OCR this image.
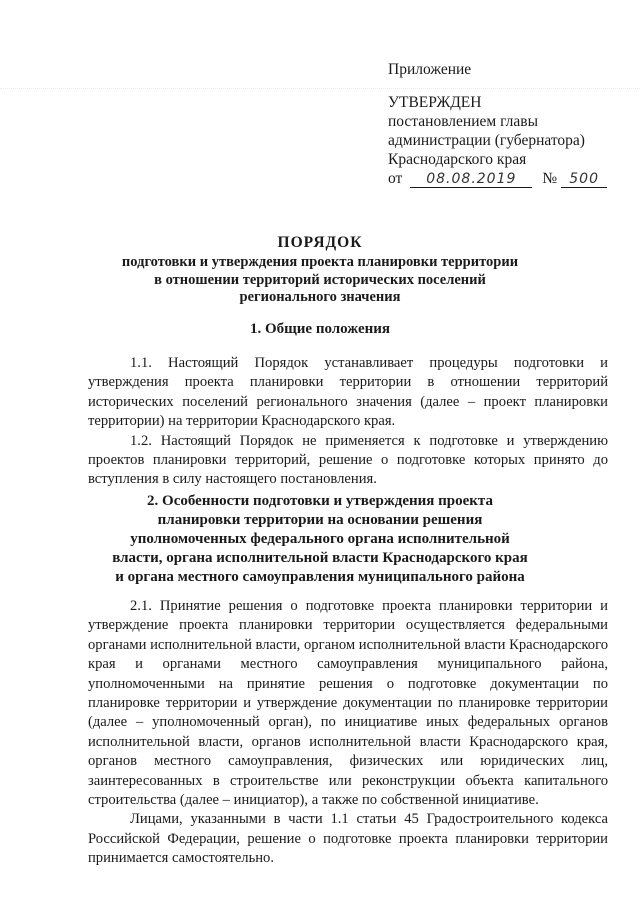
Приложение
УТВЕРЖДЕН
постановлением главы
администрации (губернатора)
Краснодарского края
от	08.08.2019	№ 500
ПОРЯДОК
подготовки и утверждения проекта планировки территории
в отношении территорий исторических поселений
регионального значения
1. Общие положения

1.1. Настоящий Порядок устанавливает процедуры подготовки и утверждения проекта планировки территории в отношении территорий исторических поселений регионального значения (далее – проект планировки территории) на территории Краснодарского края.

1.2. Настоящий Порядок не применяется к подготовке и утверждению проектов планировки территорий, решение о подготовке которых принято до вступления в силу настоящего постановления.

2. Особенности подготовки и утверждения проекта
планировки территории на основании решения
уполномоченных федерального органа исполнительной
власти, органа исполнительной власти Краснодарского края
и органа местного самоуправления муниципального района

2.1. Принятие решения о подготовке проекта планировки территории и утверждение проекта планировки территории осуществляется федеральными органами исполнительной власти, органом исполнительной власти Краснодарского края и органами местного самоуправления муниципального района, уполномоченными на принятие решения о подготовке документации по планировке территории и утверждение документации по планировке территории (далее – уполномоченный орган), по инициативе иных федеральных органов исполнительной власти, органов исполнительной власти Краснодарского края, органов местного самоуправления, физических или юридических лиц, заинтересованных в строительстве или реконструкции объекта капитального строительства (далее – инициатор), а также по собственной инициативе.

Лицами, указанными в части 1.1 статьи 45 Градостроительного кодекса Российской Федерации, решение о подготовке проекта планировки территории принимается самостоятельно.
